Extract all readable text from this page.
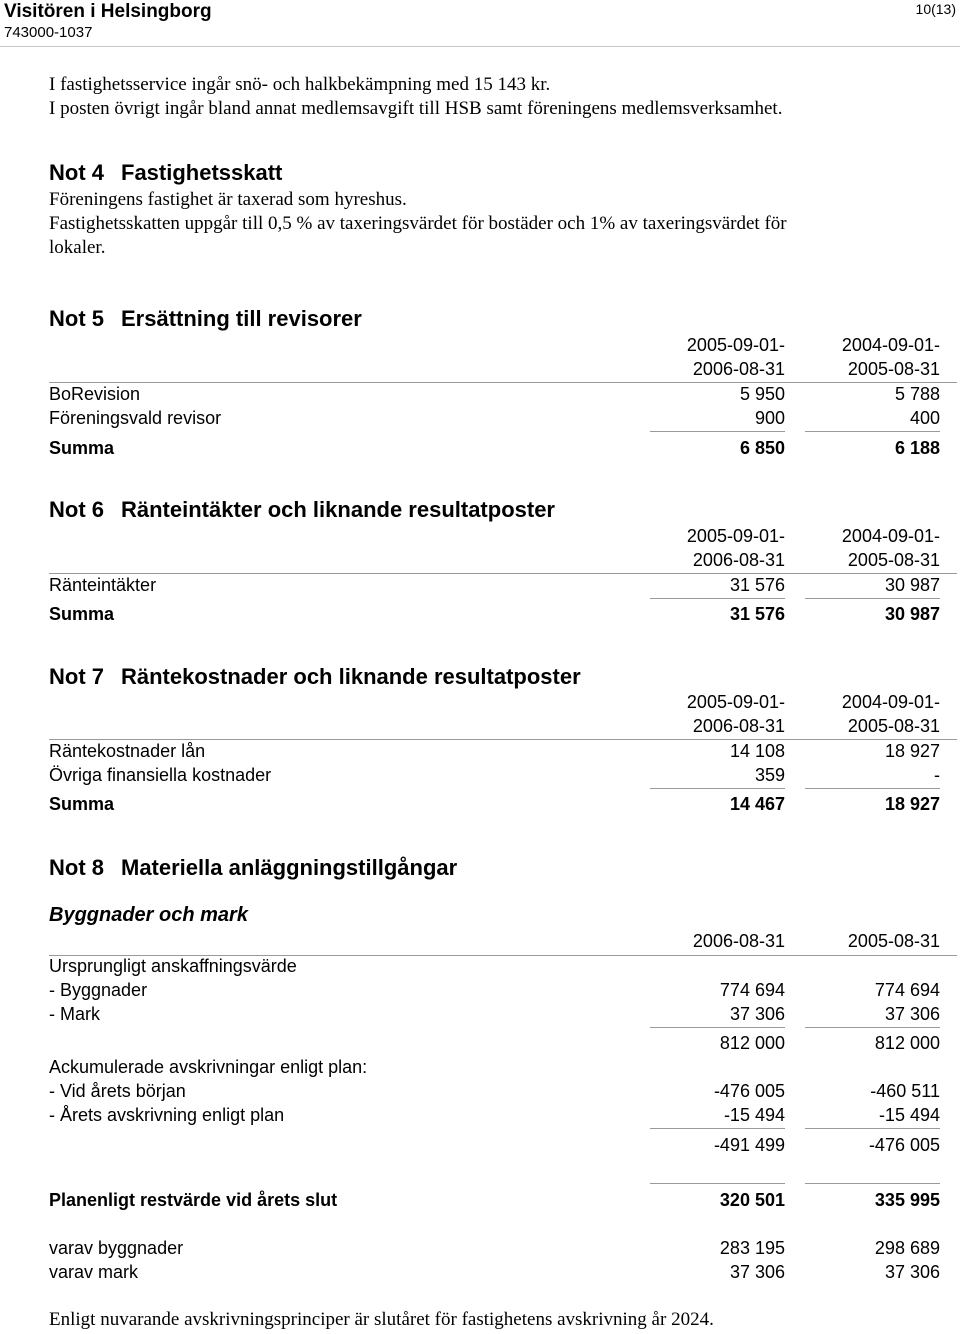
Visitören i Helsingborg
743000-1037
10(13)
I fastighetsservice ingår snö- och halkbekämpning med 15 143 kr.
I posten övrigt ingår bland annat medlemsavgift till HSB samt föreningens medlemsverksamhet.
Not 4 Fastighetsskatt
Föreningens fastighet är taxerad som hyreshus.
Fastighetsskatten uppgår till 0,5 % av taxeringsvärdet för bostäder och 1% av taxeringsvärdet för
lokaler.
Not 5 Ersättning till revisorer
2005-09-01-	2004-09-01-
2006-08-31	2005-08-31
BoRevision	5 950	5 788
Föreningsvald revisor	900	400
Summa	6 850	6 188
Not 6 Ränteintäkter och liknande resultatposter
2005-09-01-	2004-09-01-
2006-08-31	2005-08-31
Ränteintäkter	31 576	30 987
Summa	31 576	30 987
Not 7 Räntekostnader och liknande resultatposter
2005-09-01-	2004-09-01-
2006-08-31	2005-08-31
Räntekostnader lån	14 108	18 927
Övriga finansiella kostnader	359	-
Summa	14 467	18 927
Not 8 Materiella anläggningstillgångar
Byggnader och mark
2006-08-31	2005-08-31
Ursprungligt anskaffningsvärde
- Byggnader	774 694	774 694
- Mark	37 306	37 306
812 000	812 000
Ackumulerade avskrivningar enligt plan:
- Vid årets början	-476 005	-460 511
- Årets avskrivning enligt plan	-15 494	-15 494
-491 499	-476 005
Planenligt restvärde vid årets slut	320 501	335 995
varav byggnader	283 195	298 689
varav mark	37 306	37 306
Enligt nuvarande avskrivningsprinciper är slutåret för fastighetens avskrivning år 2024.
